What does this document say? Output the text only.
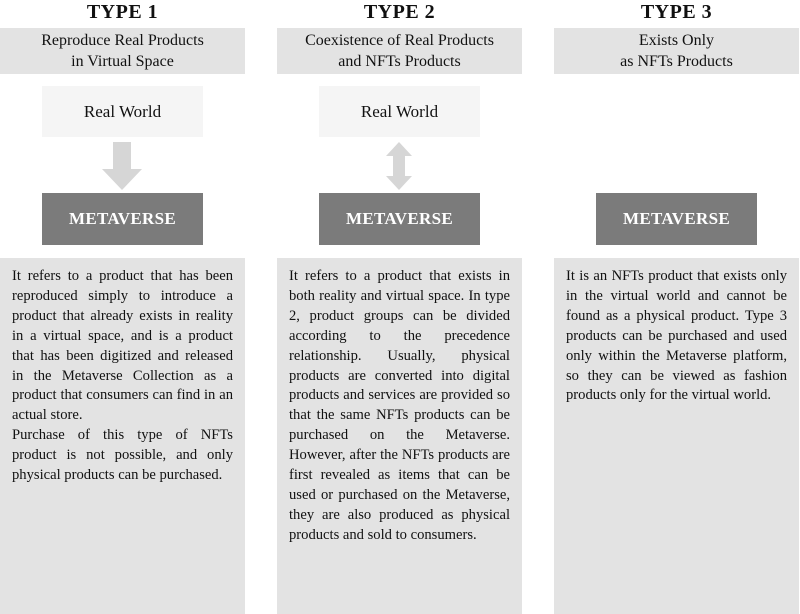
TYPE 1
Reproduce Real Products
in Virtual Space
Real World
METAVERSE

It refers to a product that has been reproduced simply to introduce a product that already exists in reality in a virtual space, and is a product that has been digitized and released in the Metaverse Collection as a product that consumers can find in an actual store.

Purchase of this type of NFTs product is not possible, and only physical products can be purchased.

TYPE 2
Coexistence of Real Products
and NFTs Products
Real World
METAVERSE

It refers to a product that exists in both reality and virtual space. In type 2, product groups can be divided according to the precedence relationship. Usually, physical products are converted into digital products and services are provided so that the same NFTs products can be purchased on the Metaverse. However, after the NFTs products are first revealed as items that can be used or purchased on the Metaverse, they are also produced as physical products and sold to consumers.

TYPE 3
Exists Only
as NFTs Products
METAVERSE

It is an NFTs product that exists only in the virtual world and cannot be found as a physical product. Type 3 products can be purchased and used only within the Metaverse platform, so they can be viewed as fashion products only for the virtual world.
